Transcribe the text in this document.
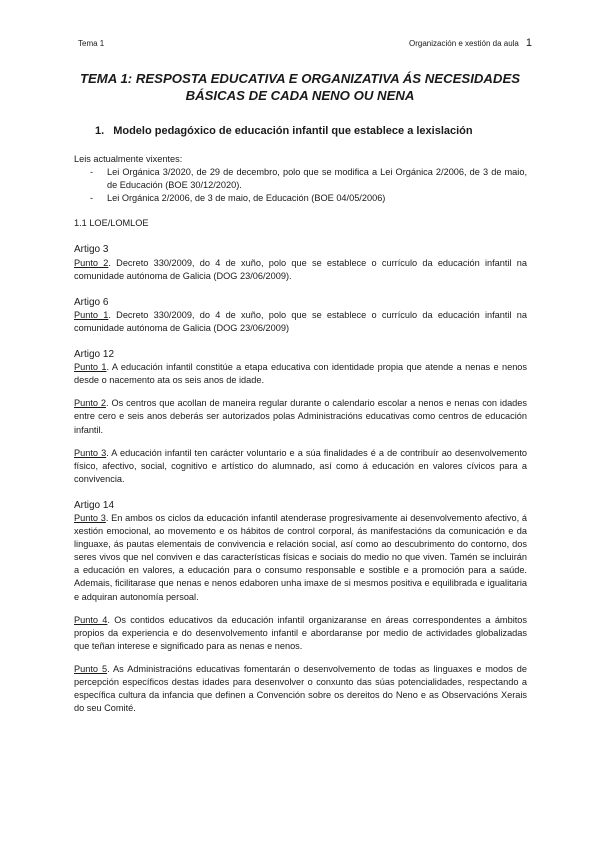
Tema 1	Organización e xestión da aula 1
TEMA 1: RESPOSTA EDUCATIVA E ORGANIZATIVA ÁS NECESIDADES
BÁSICAS DE CADA NENO OU NENA
1. Modelo pedagóxico de educación infantil que establece a lexislación

Leis actualmente vixentes:

- Lei Orgánica 3/2020, de 29 de decembro, polo que se modifica a Lei Orgánica 2/2006, de 3 de maio, de Educación (BOE 30/12/2020).
- Lei Orgánica 2/2006, de 3 de maio, de Educación (BOE 04/05/2006)

1.1 LOE/LOMLOE

Artigo 3

Punto 2. Decreto 330/2009, do 4 de xuño, polo que se establece o currículo da educación infantil na comunidade autónoma de Galicia (DOG 23/06/2009).

Artigo 6

Punto 1. Decreto 330/2009, do 4 de xuño, polo que se establece o currículo da educación infantil na comunidade autónoma de Galicia (DOG 23/06/2009)

Artigo 12

Punto 1. A educación infantil constitúe a etapa educativa con identidade propia que atende a nenas e nenos desde o nacemento ata os seis anos de idade.

Punto 2. Os centros que acollan de maneira regular durante o calendario escolar a nenos e nenas con idades entre cero e seis anos deberás ser autorizados polas Administracións educativas como centros de educación infantil.

Punto 3. A educación infantil ten carácter voluntario e a súa finalidades é a de contribuír ao desenvolvemento físico, afectivo, social, cognitivo e artístico do alumnado, así como á educación en valores cívicos para a convivencia.

Artigo 14

Punto 3. En ambos os ciclos da educación infantil atenderase progresivamente ai desenvolvemento afectivo, á xestión emocional, ao movemento e os hábitos de control corporal, ás manifestacións da comunicación e da linguaxe, ás pautas elementais de convivencia e relación social, así como ao descubrimento do contorno, dos seres vivos que nel conviven e das características físicas e sociais do medio no que viven. Tamén se incluirán a educación en valores, a educación para o consumo responsable e sostible e a promoción para a saúde. Ademais, ficilitarase que nenas e nenos edaboren unha imaxe de si mesmos positiva e equilibrada e igualitaria e adquiran autonomía persoal.

Punto 4. Os contidos educativos da educación infantil organizaranse en áreas correspondentes a ámbitos propios da experiencia e do desenvolvemento infantil e abordaranse por medio de actividades globalizadas que teñan interese e significado para as nenas e nenos.

Punto 5. As Administracións educativas fomentarán o desenvolvemento de todas as linguaxes e modos de percepción específicos destas idades para desenvolver o conxunto das súas potencialidades, respectando a específica cultura da infancia que definen a Convención sobre os dereitos do Neno e as Observacións Xerais do seu Comité.
